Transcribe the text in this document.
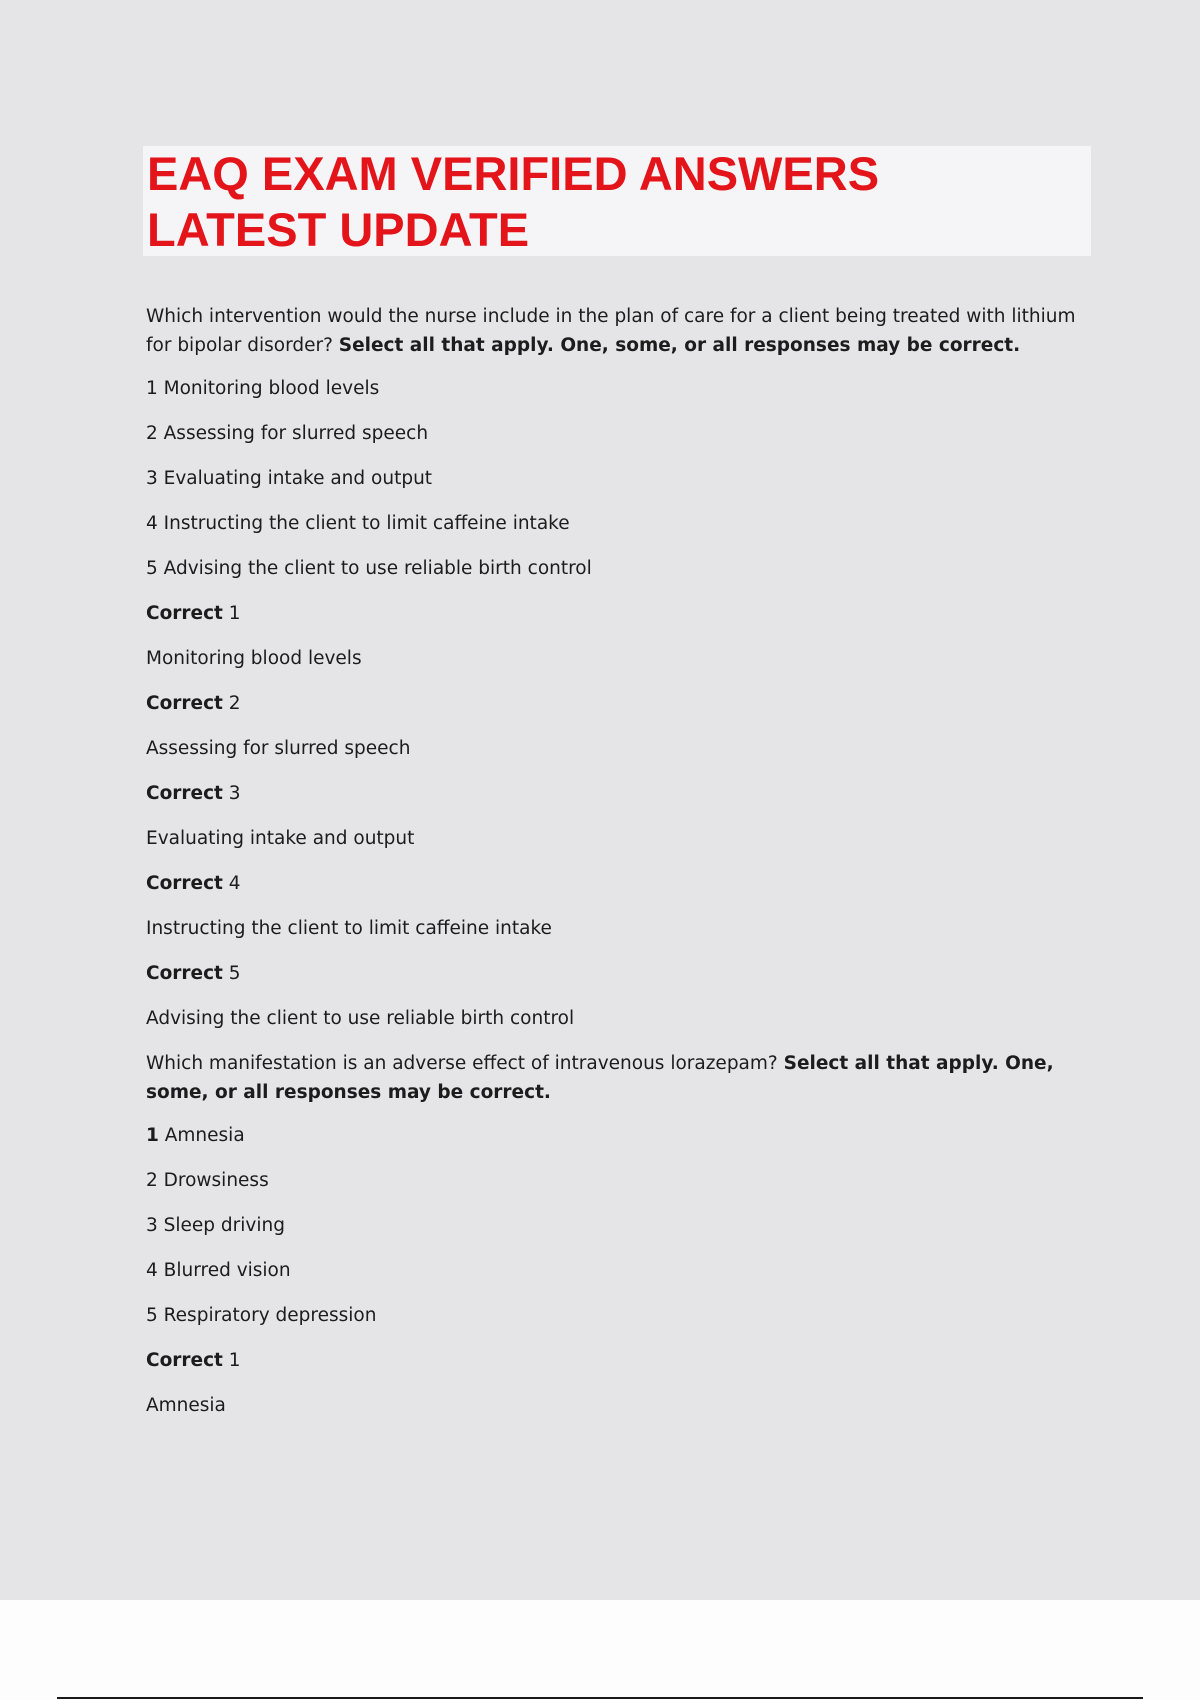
EAQ EXAM VERIFIED ANSWERS
LATEST UPDATE

Which intervention would the nurse include in the plan of care for a client being treated with lithium for bipolar disorder? Select all that apply. One, some, or all responses may be correct.

1 Monitoring blood levels
2 Assessing for slurred speech
3 Evaluating intake and output
4 Instructing the client to limit caffeine intake
5 Advising the client to use reliable birth control
Correct 1
Monitoring blood levels
Correct 2
Assessing for slurred speech
Correct 3
Evaluating intake and output
Correct 4
Instructing the client to limit caffeine intake
Correct 5
Advising the client to use reliable birth control

Which manifestation is an adverse effect of intravenous lorazepam? Select all that apply. One, some, or all responses may be correct.

1 Amnesia
2 Drowsiness
3 Sleep driving
4 Blurred vision
5 Respiratory depression
Correct 1
Amnesia
